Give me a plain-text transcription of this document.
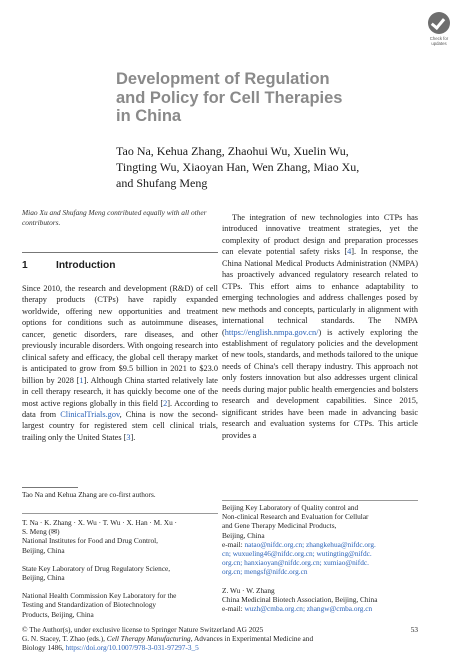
Check for
updates
Development of Regulation
and Policy for Cell Therapies
in China
Tao Na, Kehua Zhang, Zhaohui Wu, Xuelin Wu,
Tingting Wu, Xiaoyan Han, Wen Zhang, Miao Xu,
and Shufang Meng
Miao Xu and Shufang Meng contributed equally with all other contributors.
1	Introduction

Since 2010, the research and development (R&D) of cell therapy products (CTPs) have rapidly expanded worldwide, offering new opportunities and treatment options for conditions such as autoimmune diseases, cancer, genetic disorders, rare diseases, and other previously incurable disorders. With ongoing research into clinical safety and efficacy, the global cell therapy market is anticipated to grow from $9.5 billion in 2021 to $23.0 billion by 2028 [1]. Although China started relatively late in cell therapy research, it has quickly become one of the most active regions globally in this field [2]. According to data from ClinicalTrials.gov, China is now the second-largest country for registered stem cell clinical trials, trailing only the United States [3].

The integration of new technologies into CTPs has introduced innovative treatment strategies, yet the complexity of product design and preparation processes can elevate potential safety risks [4]. In response, the China National Medical Products Administration (NMPA) has proactively advanced regulatory research related to CTPs. This effort aims to enhance adaptability to emerging technologies and address challenges posed by new methods and concepts, particularly in alignment with international technical standards. The NMPA (https://english.nmpa.gov.cn/) is actively exploring the establishment of regulatory policies and the development of new tools, standards, and methods tailored to the unique needs of China's cell therapy industry. This approach not only fosters innovation but also addresses urgent clinical needs during major public health emergencies and bolsters research and development capabilities. Since 2015, significant strides have been made in advancing basic research and evaluation systems for CTPs. This article provides a

Tao Na and Kehua Zhang are co-first authors.
T. Na · K. Zhang · X. Wu · T. Wu · X. Han · M. Xu ·
S. Meng (✉)
National Institutes for Food and Drug Control,
Beijing, China
State Key Laboratory of Drug Regulatory Science,
Beijing, China
National Health Commission Key Laboratory for the
Testing and Standardization of Biotechnology
Products, Beijing, China
Beijing Key Laboratory of Quality control and
Non-clinical Research and Evaluation for Cellular
and Gene Therapy Medicinal Products,
Beijing, China
e-mail: natao@nifdc.org.cn; zhangkehua@nifdc.org.
cn; wuxueling46@nifdc.org.cn; wutingting@nifdc.
org.cn; hanxiaoyan@nifdc.org.cn; xumiao@nifdc.
org.cn; mengsf@nifdc.org.cn
Z. Wu · W. Zhang
China Medicinal Biotech Association, Beijing, China
e-mail: wuzh@cmba.org.cn; zhangw@cmba.org.cn
© The Author(s), under exclusive license to Springer Nature Switzerland AG 2025
G. N. Stacey, T. Zhao (eds.), Cell Therapy Manufacturing, Advances in Experimental Medicine and
Biology 1486, https://doi.org/10.1007/978-3-031-97297-3_5
53
